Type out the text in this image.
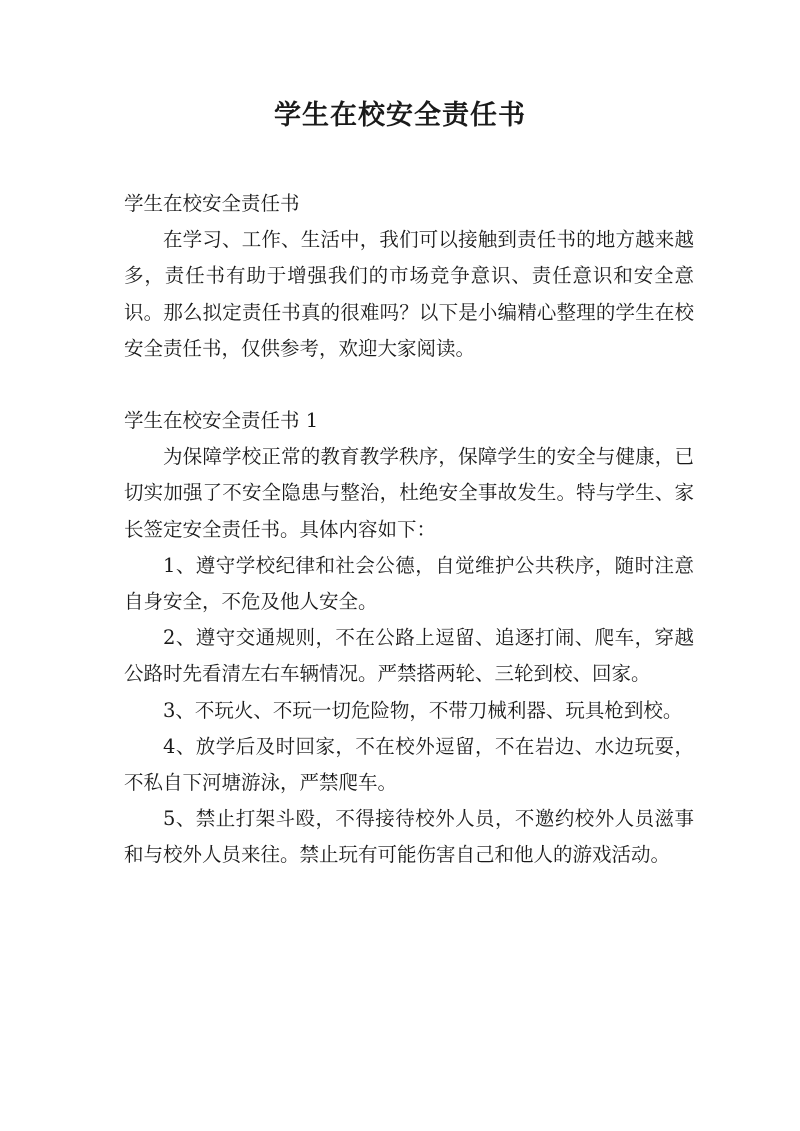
学生在校安全责任书

学生在校安全责任书

在学习、工作、生活中，我们可以接触到责任书的地方越来越多，责任书有助于增强我们的市场竞争意识、责任意识和安全意识。那么拟定责任书真的很难吗？以下是小编精心整理的学生在校安全责任书，仅供参考，欢迎大家阅读。

学生在校安全责任书 1

为保障学校正常的教育教学秩序，保障学生的安全与健康，已切实加强了不安全隐患与整治，杜绝安全事故发生。特与学生、家长签定安全责任书。具体内容如下：

1、遵守学校纪律和社会公德，自觉维护公共秩序，随时注意自身安全，不危及他人安全。

2、遵守交通规则，不在公路上逗留、追逐打闹、爬车，穿越公路时先看清左右车辆情况。严禁搭两轮、三轮到校、回家。

3、不玩火、不玩一切危险物，不带刀械利器、玩具枪到校。

4、放学后及时回家，不在校外逗留，不在岩边、水边玩耍，不私自下河塘游泳，严禁爬车。

5、禁止打架斗殴，不得接待校外人员，不邀约校外人员滋事和与校外人员来往。禁止玩有可能伤害自己和他人的游戏活动。
